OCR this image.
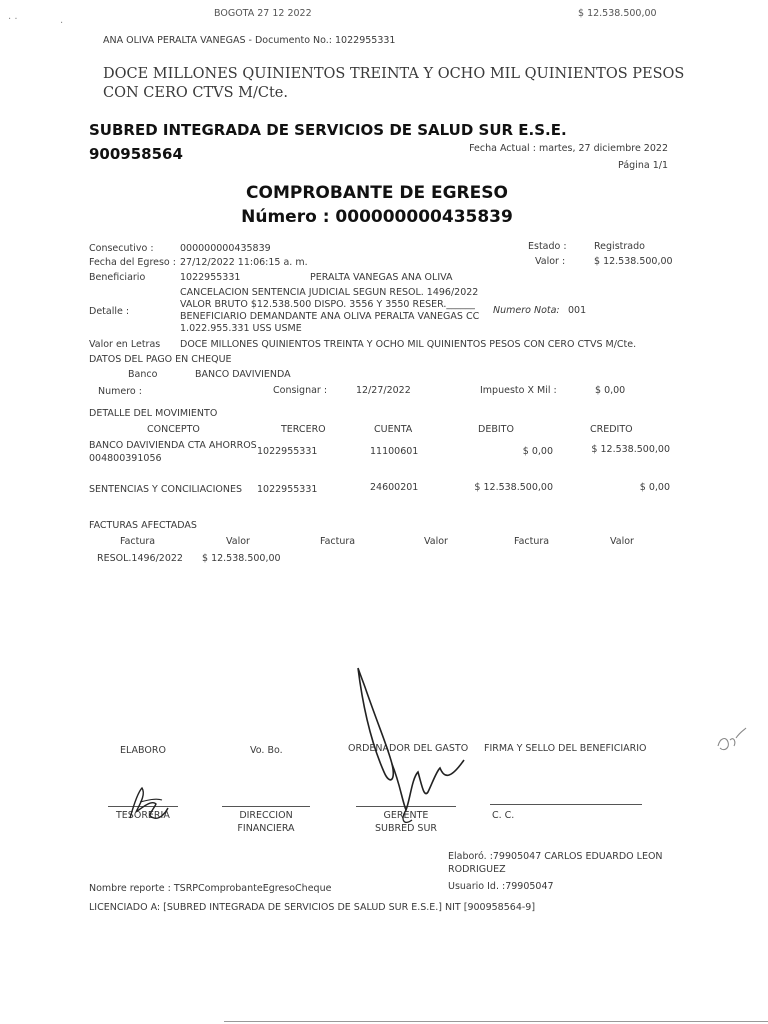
· ·	·
BOGOTA 27 12 2022	$ 12.538.500,00
ANA OLIVA PERALTA VANEGAS - Documento No.: 1022955331
DOCE MILLONES QUINIENTOS TREINTA Y OCHO MIL QUINIENTOS PESOS
CON CERO CTVS M/Cte.
SUBRED INTEGRADA DE SERVICIOS DE SALUD SUR E.S.E.
900958564	Fecha Actual : martes, 27 diciembre 2022
Página 1/1
COMPROBANTE DE EGRESO
Número : 000000000435839
Consecutivo :	000000000435839
Fecha del Egreso : 27/12/2022 11:06:15 a. m.
Beneficiario	1022955331	PERALTA VANEGAS ANA OLIVA
Estado :	Registrado
Valor :	$ 12.538.500,00
CANCELACION SENTENCIA JUDICIAL SEGUN RESOL. 1496/2022
VALOR BRUTO $12.538.500 DISPO. 3556 Y 3550 RESER.______
Detalle :	BENEFICIARIO DEMANDANTE ANA OLIVA PERALTA VANEGAS CC
1.022.955.331 USS USME
Numero Nota: 001
Valor en Letras DOCE MILLONES QUINIENTOS TREINTA Y OCHO MIL QUINIENTOS PESOS CON CERO CTVS M/Cte.
DATOS DEL PAGO EN CHEQUE
Banco	BANCO DAVIVIENDA
Numero :	Consignar :	12/27/2022	Impuesto X Mil :	$ 0,00
DETALLE DEL MOVIMIENTO
CONCEPTO	TERCERO	CUENTA	DEBITO	CREDITO
BANCO DAVIVIENDA CTA AHORROS
004800391056
1022955331	11100601	$ 0,00	$ 12.538.500,00
SENTENCIAS Y CONCILIACIONES 1022955331	24600201	$ 12.538.500,00	$ 0,00
FACTURAS AFECTADAS
Factura	Valor	Factura	Valor	Factura	Valor
RESOL.1496/2022 $ 12.538.500,00
ELABORO	Vo. Bo.	ORDENADOR DEL GASTO FIRMA Y SELLO DEL BENEFICIARIO
TESORERIA	DIRECCION
FINANCIERA
GERENTE
SUBRED SUR
C. C.
Elaboró. :79905047 CARLOS EDUARDO LEON
RODRIGUEZ
Usuario Id. :79905047
Nombre reporte : TSRPComprobanteEgresoCheque
LICENCIADO A: [SUBRED INTEGRADA DE SERVICIOS DE SALUD SUR E.S.E.] NIT [900958564-9]
